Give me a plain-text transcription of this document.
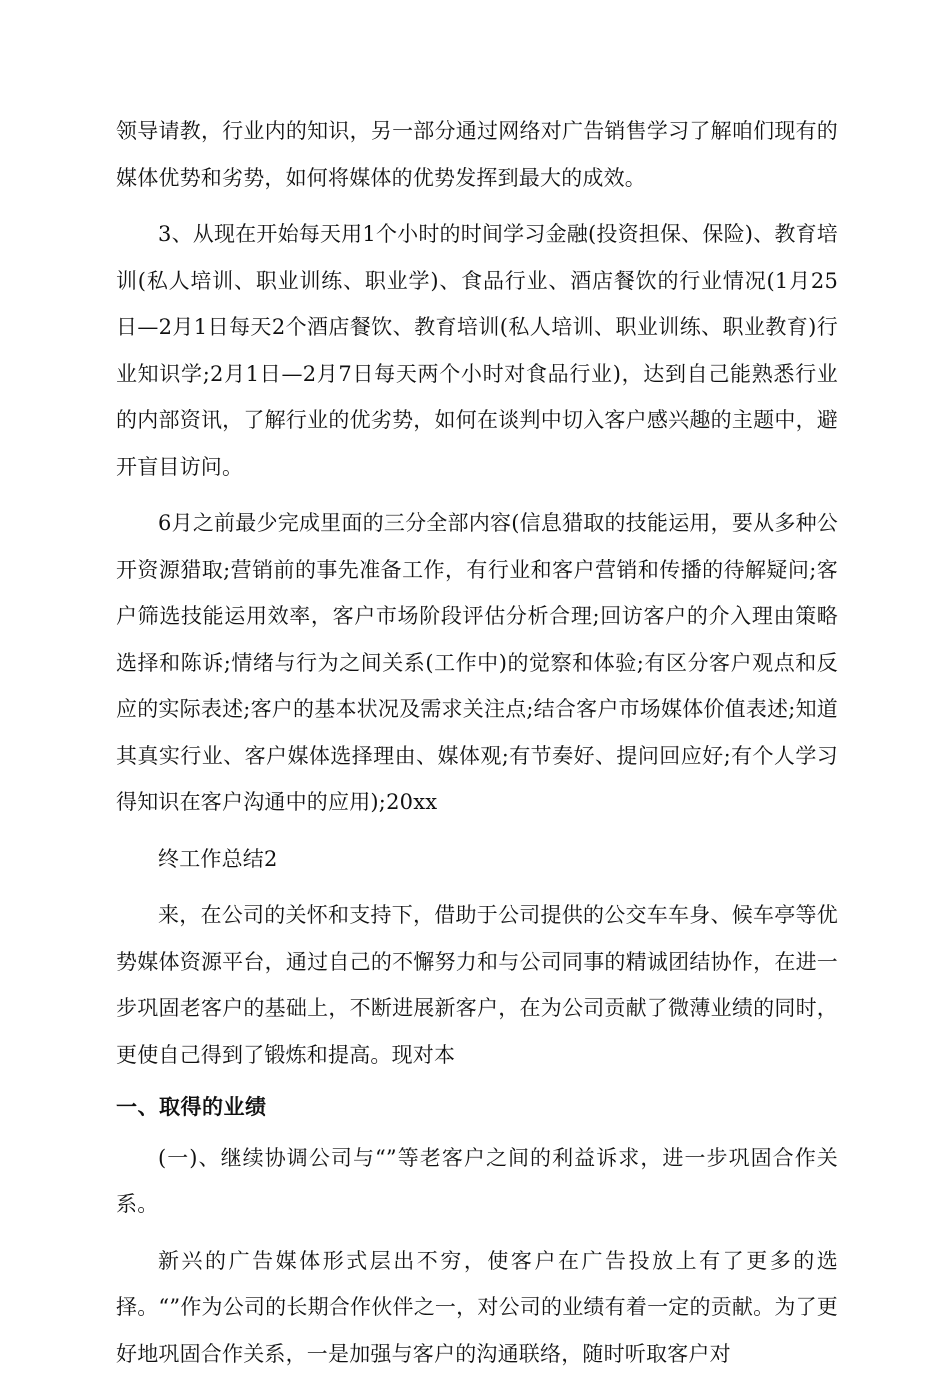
领导请教，行业内的知识，另一部分通过网络对广告销售学习了解咱们现有的媒体优势和劣势，如何将媒体的优势发挥到最大的成效。

3、从现在开始每天用1个小时的时间学习金融(投资担保、保险)、教育培训(私人培训、职业训练、职业学)、食品行业、酒店餐饮的行业情况(1月25日—2月1日每天2个酒店餐饮、教育培训(私人培训、职业训练、职业教育)行业知识学;2月1日—2月7日每天两个小时对食品行业)，达到自己能熟悉行业的内部资讯，了解行业的优劣势，如何在谈判中切入客户感兴趣的主题中，避开盲目访问。

6月之前最少完成里面的三分全部内容(信息猎取的技能运用，要从多种公开资源猎取;营销前的事先准备工作，有行业和客户营销和传播的待解疑问;客户筛选技能运用效率，客户市场阶段评估分析合理;回访客户的介入理由策略选择和陈诉;情绪与行为之间关系(工作中)的觉察和体验;有区分客户观点和反应的实际表述;客户的基本状况及需求关注点;结合客户市场媒体价值表述;知道其真实行业、客户媒体选择理由、媒体观;有节奏好、提问回应好;有个人学习得知识在客户沟通中的应用);20xx

终工作总结2

来，在公司的关怀和支持下，借助于公司提供的公交车车身、候车亭等优势媒体资源平台，通过自己的不懈努力和与公司同事的精诚团结协作，在进一步巩固老客户的基础上，不断进展新客户，在为公司贡献了微薄业绩的同时，更使自己得到了锻炼和提高。现对本

一、取得的业绩

(一)、继续协调公司与“”等老客户之间的利益诉求，进一步巩固合作关系。

新兴的广告媒体形式层出不穷，使客户在广告投放上有了更多的选择。“”作为公司的长期合作伙伴之一，对公司的业绩有着一定的贡献。为了更好地巩固合作关系，一是加强与客户的沟通联络，随时听取客户对
